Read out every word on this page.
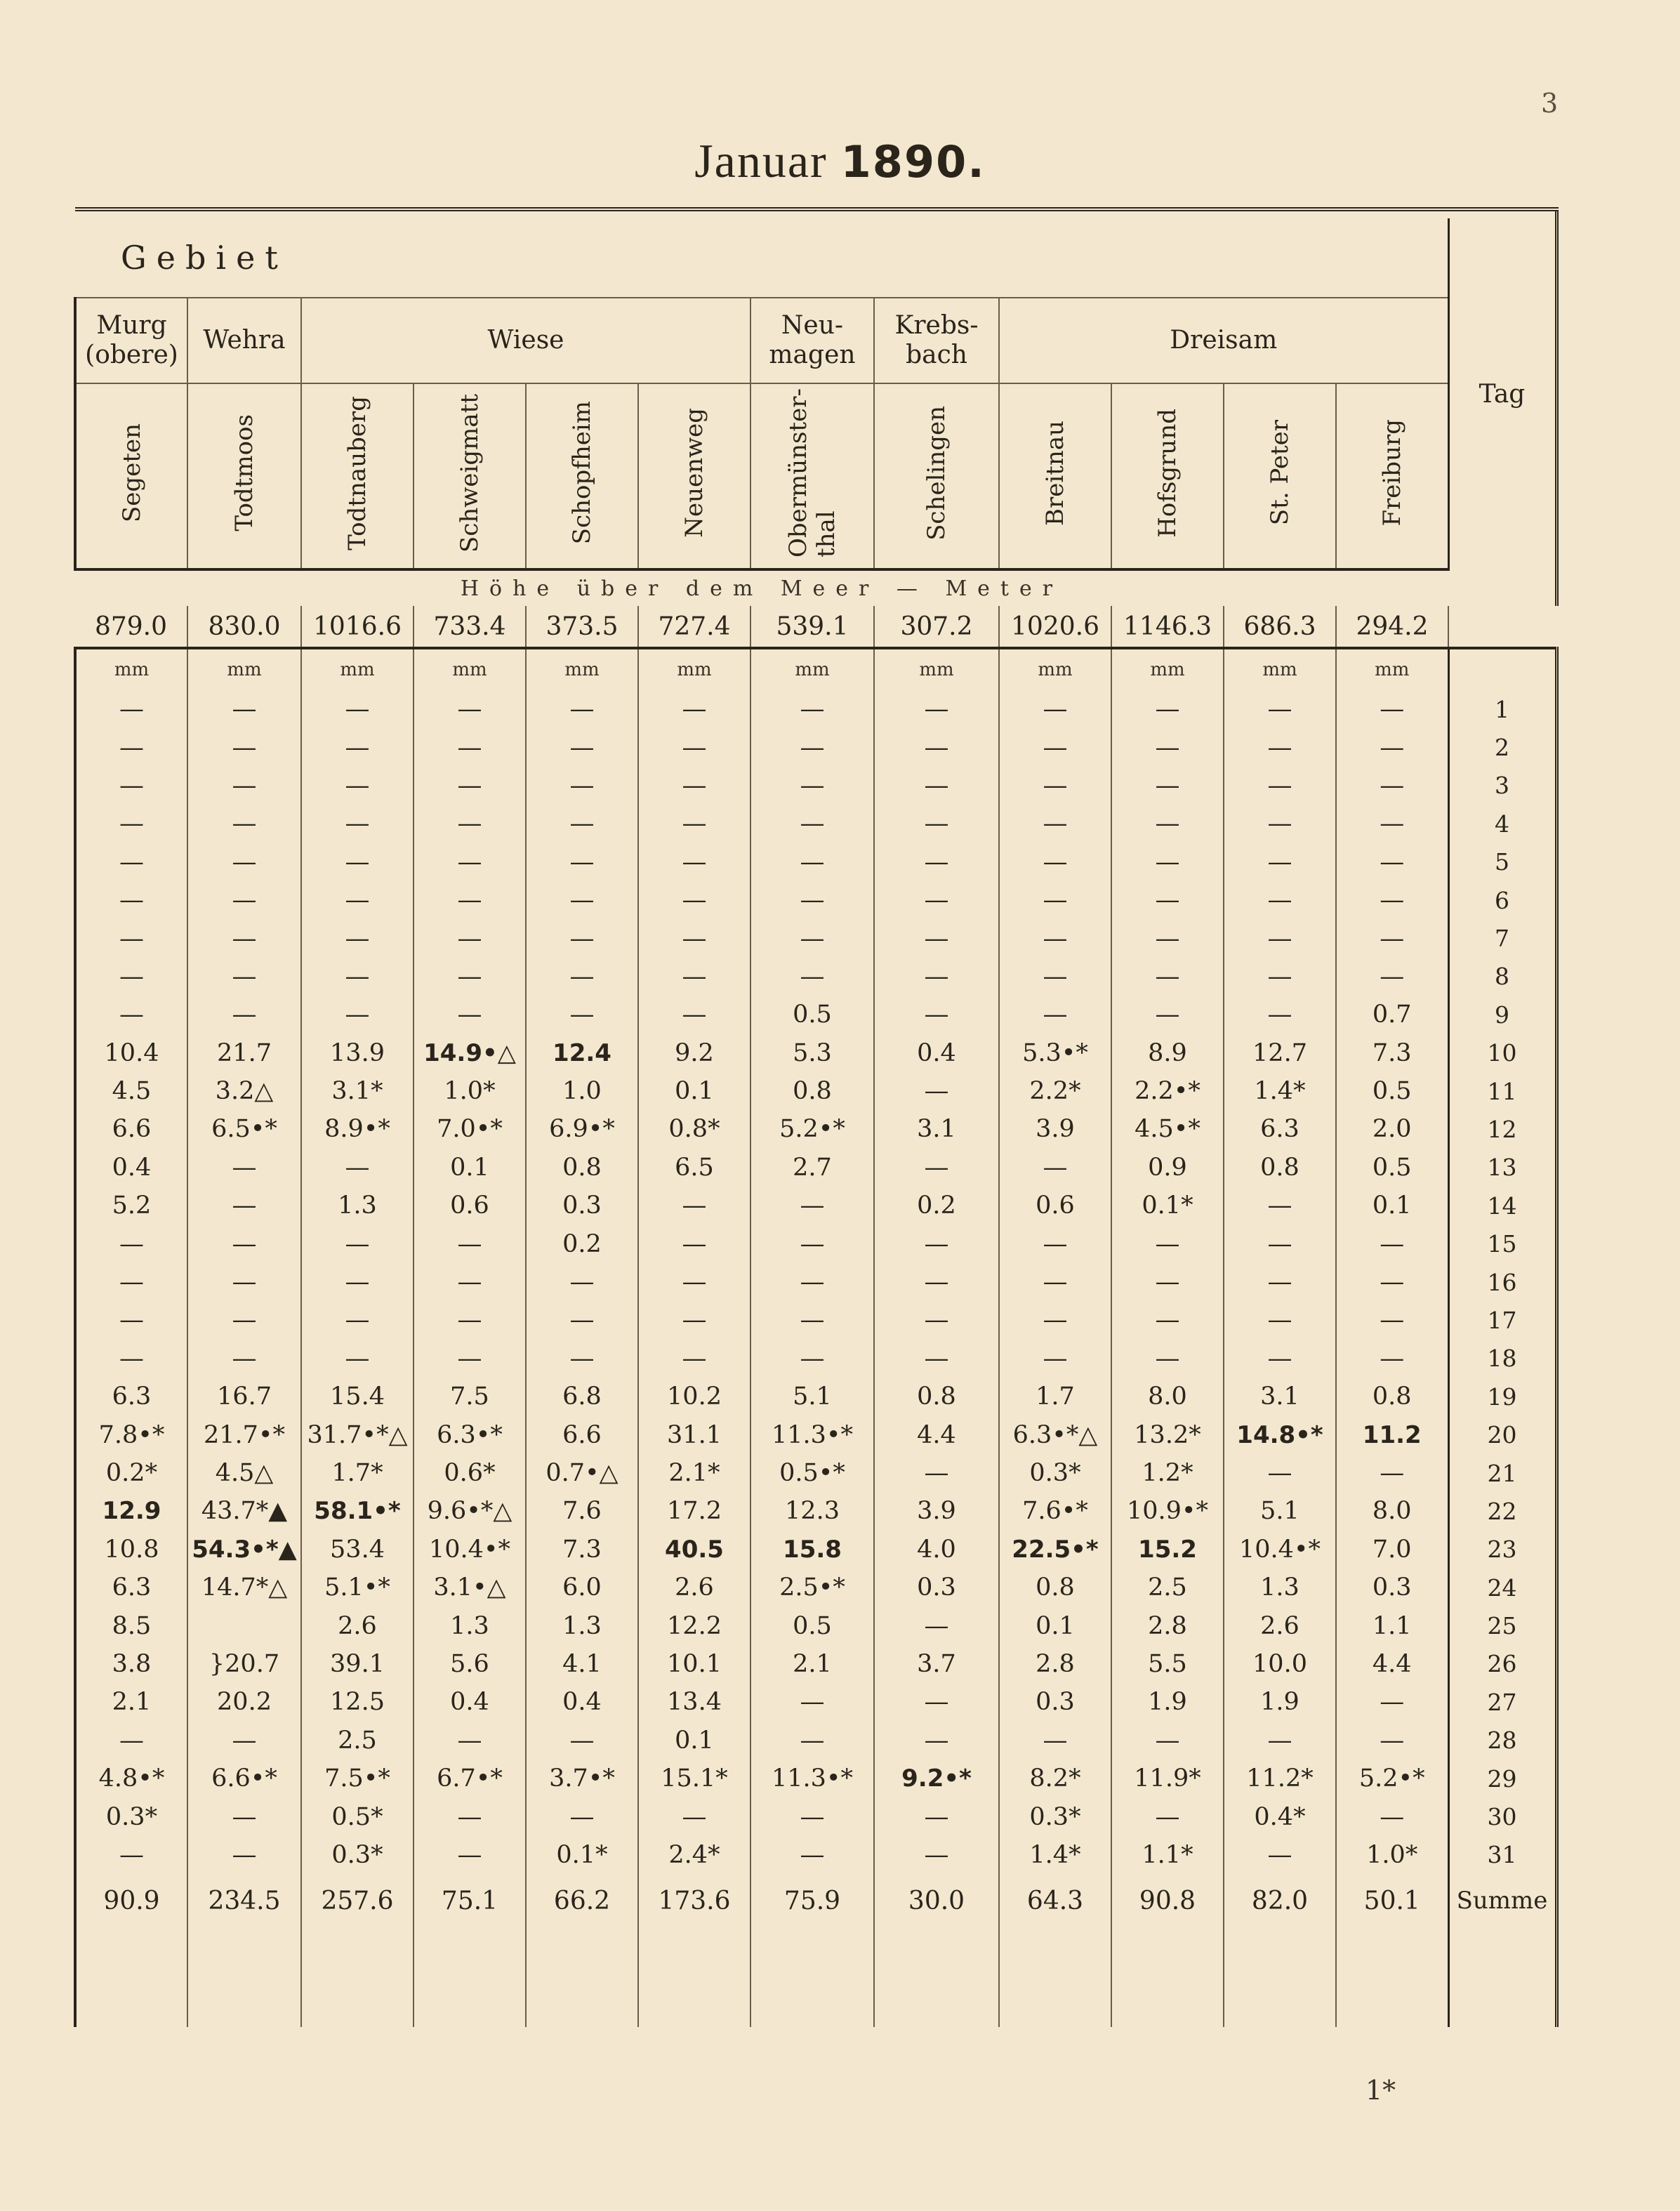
3
Januar 1890.

Gebiet												Tag
Murg (obere)	Wehra	Wiese				Neu- magen	Krebs- bach	Dreisam				
Segeten	Todtmoos	Todtnauberg	Schweigmatt	Schopfheim	Neuenweg	Obermünster-
thal	Schelingen	Breitnau	Hofsgrund	St. Peter	Freiburg	
Höhe über dem Meer — Meter												
879.0	830.0	1016.6	733.4	373.5	727.4	539.1	307.2	1020.6	1146.3	686.3	294.2	
mm	mm	mm	mm	mm	mm	mm	mm	mm	mm	mm	mm	
—	—	—	—	—	—	—	—	—	—	—	—	1
—	—	—	—	—	—	—	—	—	—	—	—	2
—	—	—	—	—	—	—	—	—	—	—	—	3
—	—	—	—	—	—	—	—	—	—	—	—	4
—	—	—	—	—	—	—	—	—	—	—	—	5
—	—	—	—	—	—	—	—	—	—	—	—	6
—	—	—	—	—	—	—	—	—	—	—	—	7
—	—	—	—	—	—	—	—	—	—	—	—	8
—	—	—	—	—	—	0.5	—	—	—	—	0.7	9
10.4	21.7	13.9	14.9•△	12.4	9.2	5.3	0.4	5.3•*	8.9	12.7	7.3	10
4.5	3.2△	3.1*	1.0*	1.0	0.1	0.8	—	2.2*	2.2•*	1.4*	0.5	11
6.6	6.5•*	8.9•*	7.0•*	6.9•*	0.8*	5.2•*	3.1	3.9	4.5•*	6.3	2.0	12
0.4	—	—	0.1	0.8	6.5	2.7	—	—	0.9	0.8	0.5	13
5.2	—	1.3	0.6	0.3	—	—	0.2	0.6	0.1*	—	0.1	14
—	—	—	—	0.2	—	—	—	—	—	—	—	15
—	—	—	—	—	—	—	—	—	—	—	—	16
—	—	—	—	—	—	—	—	—	—	—	—	17
—	—	—	—	—	—	—	—	—	—	—	—	18
6.3	16.7	15.4	7.5	6.8	10.2	5.1	0.8	1.7	8.0	3.1	0.8	19
7.8•*	21.7•*	31.7•*△	6.3•*	6.6	31.1	11.3•*	4.4	6.3•*△	13.2*	14.8•*	11.2	20
0.2*	4.5△	1.7*	0.6*	0.7•△	2.1*	0.5•*	—	0.3*	1.2*	—	—	21
12.9	43.7*▲	58.1•*	9.6•*△	7.6	17.2	12.3	3.9	7.6•*	10.9•*	5.1	8.0	22
10.8	54.3•*▲	53.4	10.4•*	7.3	40.5	15.8	4.0	22.5•*	15.2	10.4•*	7.0	23
6.3	14.7*△	5.1•*	3.1•△	6.0	2.6	2.5•*	0.3	0.8	2.5	1.3	0.3	24
8.5		2.6	1.3	1.3	12.2	0.5	—	0.1	2.8	2.6	1.1	25
3.8	}20.7	39.1	5.6	4.1	10.1	2.1	3.7	2.8	5.5	10.0	4.4	26
2.1	20.2	12.5	0.4	0.4	13.4	—	—	0.3	1.9	1.9	—	27
—	—	2.5	—	—	0.1	—	—	—	—	—	—	28
4.8•*	6.6•*	7.5•*	6.7•*	3.7•*	15.1*	11.3•*	9.2•*	8.2*	11.9*	11.2*	5.2•*	29
0.3*	—	0.5*	—	—	—	—	—	0.3*	—	0.4*	—	30
—	—	0.3*	—	0.1*	2.4*	—	—	1.4*	1.1*	—	1.0*	31
90.9	234.5	257.6	75.1	66.2	173.6	75.9	30.0	64.3	90.8	82.0	50.1	Summe

1*
